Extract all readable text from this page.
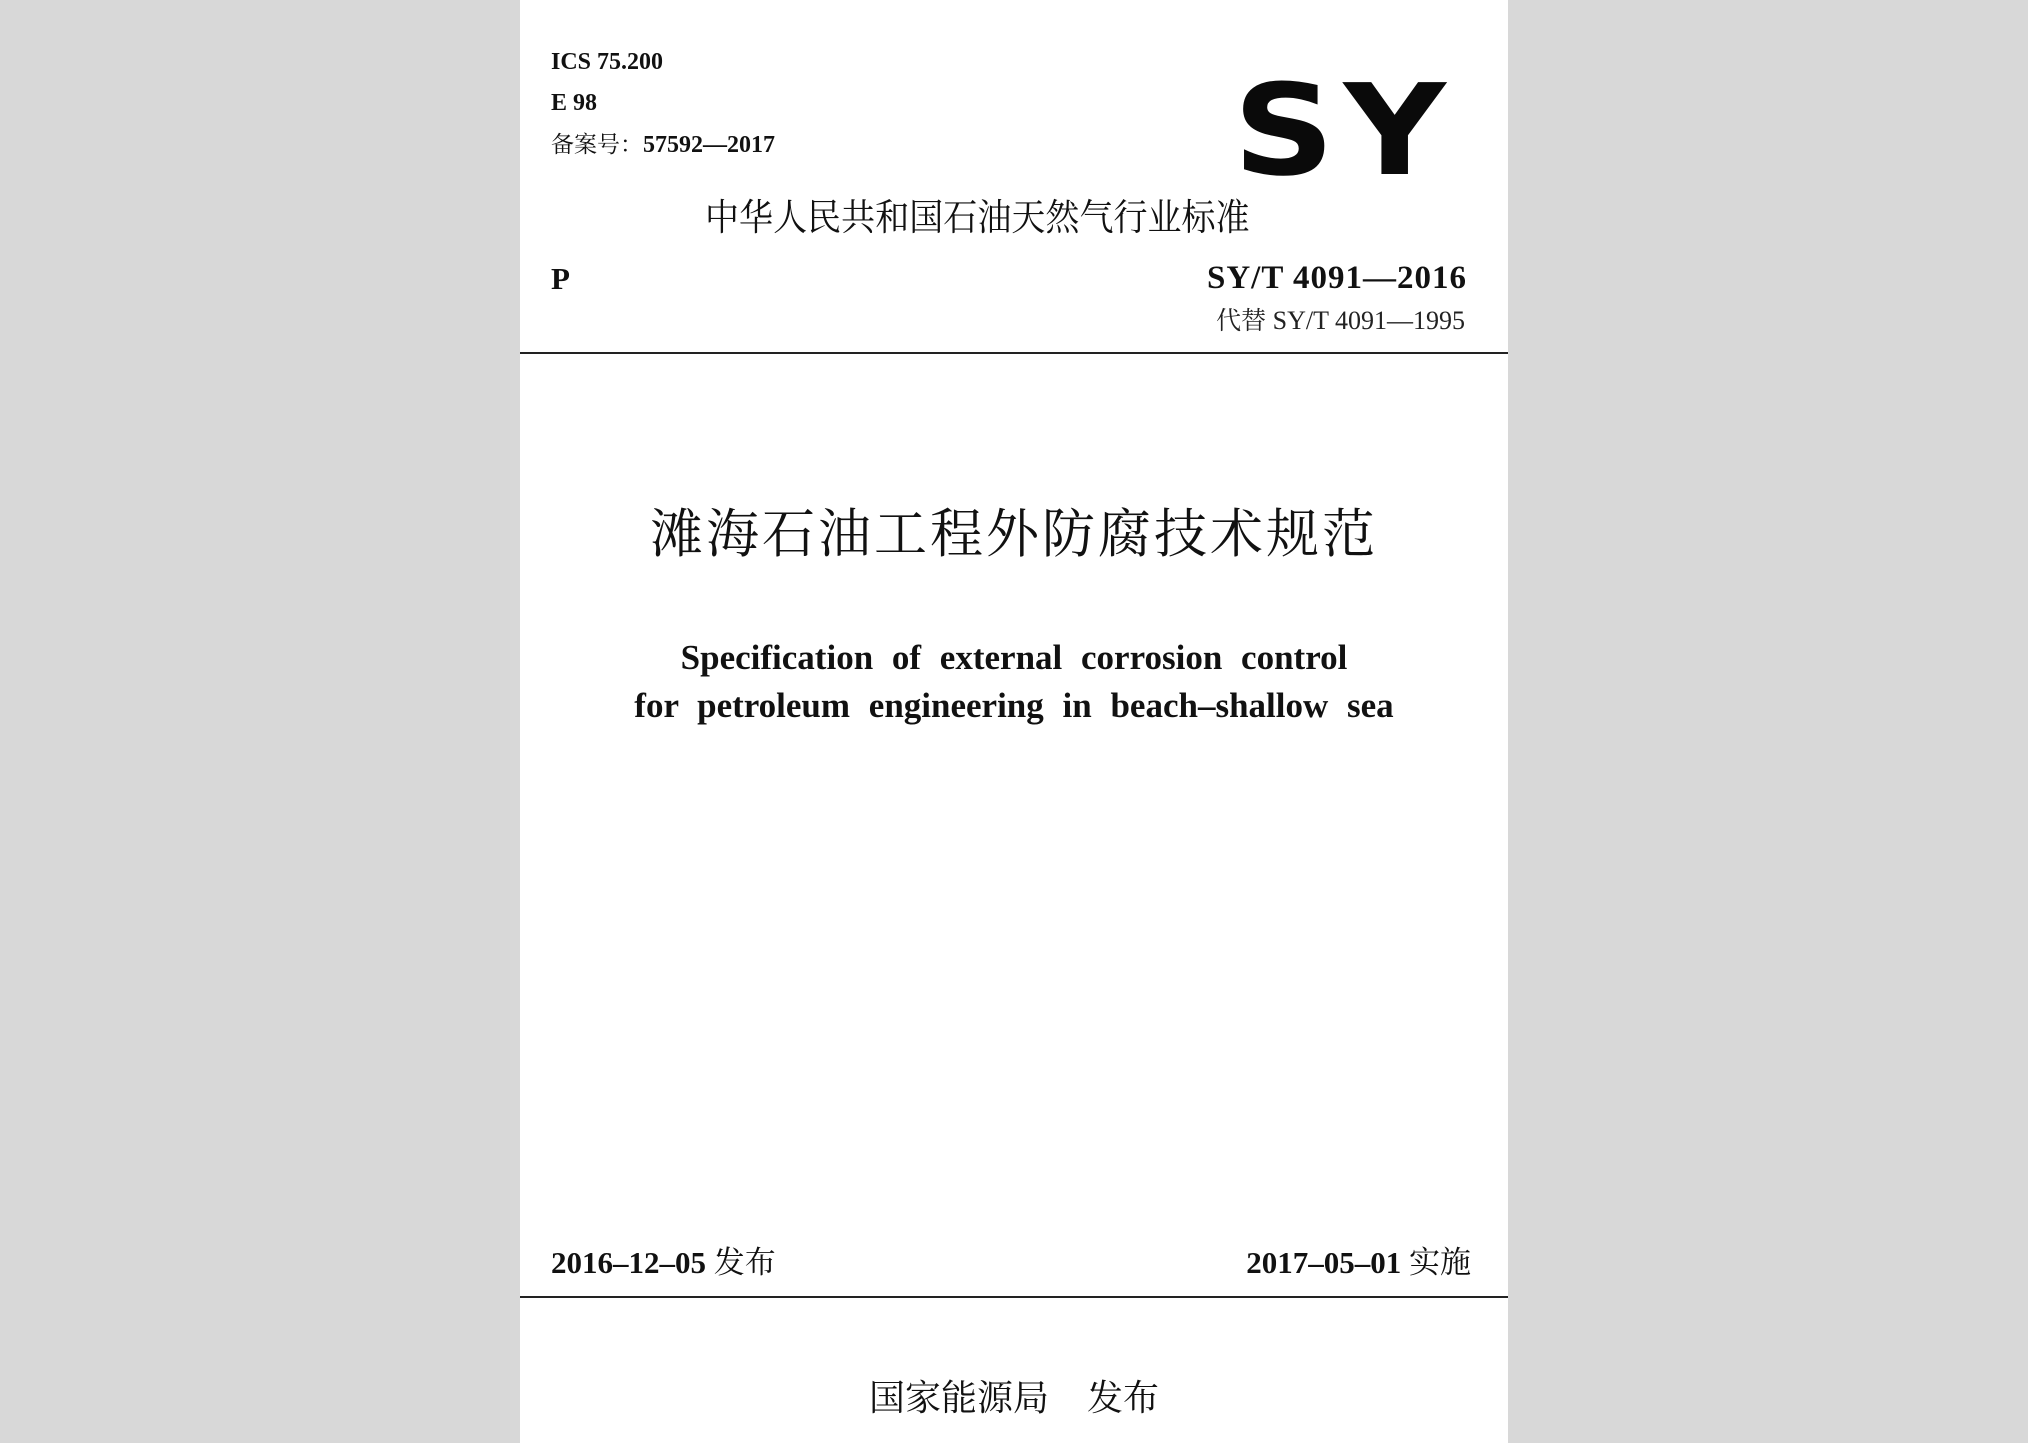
ICS 75.200
E 98
备案号：57592—2017	SY
中华人民共和国石油天然气行业标准
P	SY/T 4091—2016
代替 SY/T 4091—1995
滩海石油工程外防腐技术规范
Specification of external corrosion control
for petroleum engineering in beach–shallow sea
2016–12–05 发布	2017–05–01 实施
国家能源局 发布
